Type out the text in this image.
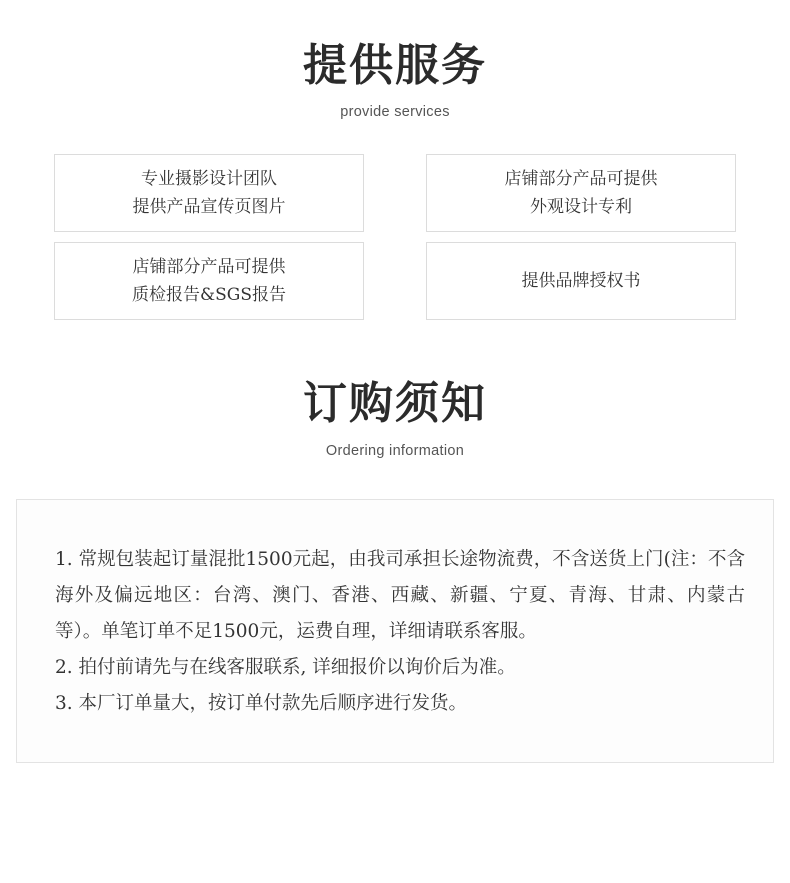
提供服务
provide services
专业摄影设计团队
提供产品宣传页图片
店铺部分产品可提供
外观设计专利
店铺部分产品可提供
质检报告&SGS报告
提供品牌授权书
订购须知
Ordering information
1. 常规包装起订量混批1500元起，由我司承担长途物流费，不含送货上门(注：不含海外及偏远地区：台湾、澳门、香港、西藏、新疆、宁夏、青海、甘肃、内蒙古等）。单笔订单不足1500元，运费自理，详细请联系客服。
2. 拍付前请先与在线客服联系, 详细报价以询价后为准。
3. 本厂订单量大，按订单付款先后顺序进行发货。
